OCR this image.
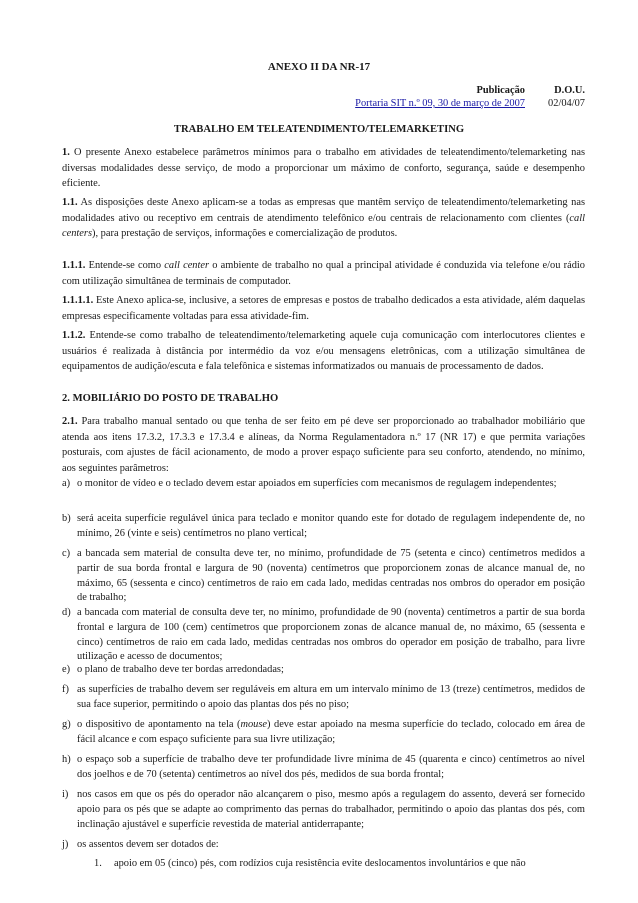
ANEXO II DA NR-17
Publicação	D.O.U.
Portaria SIT n.º 09, 30 de março de 2007	02/04/07
TRABALHO EM TELEATENDIMENTO/TELEMARKETING

1. O presente Anexo estabelece parâmetros mínimos para o trabalho em atividades de teleatendimento/telemarketing nas diversas modalidades desse serviço, de modo a proporcionar um máximo de conforto, segurança, saúde e desempenho eficiente.

1.1. As disposições deste Anexo aplicam-se a todas as empresas que mantêm serviço de teleatendimento/telemarketing nas modalidades ativo ou receptivo em centrais de atendimento telefônico e/ou centrais de relacionamento com clientes (call centers), para prestação de serviços, informações e comercialização de produtos.

1.1.1. Entende-se como call center o ambiente de trabalho no qual a principal atividade é conduzida via telefone e/ou rádio com utilização simultânea de terminais de computador.

1.1.1.1. Este Anexo aplica-se, inclusive, a setores de empresas e postos de trabalho dedicados a esta atividade, além daquelas empresas especificamente voltadas para essa atividade-fim.

1.1.2. Entende-se como trabalho de teleatendimento/telemarketing aquele cuja comunicação com interlocutores clientes e usuários é realizada à distância por intermédio da voz e/ou mensagens eletrônicas, com a utilização simultânea de equipamentos de audição/escuta e fala telefônica e sistemas informatizados ou manuais de processamento de dados.

2. MOBILIÁRIO DO POSTO DE TRABALHO

2.1. Para trabalho manual sentado ou que tenha de ser feito em pé deve ser proporcionado ao trabalhador mobiliário que atenda aos itens 17.3.2, 17.3.3 e 17.3.4 e alíneas, da Norma Regulamentadora n.º 17 (NR 17) e que permita variações posturais, com ajustes de fácil acionamento, de modo a prover espaço suficiente para seu conforto, atendendo, no mínimo, aos seguintes parâmetros:

a) o monitor de vídeo e o teclado devem estar apoiados em superfícies com mecanismos de regulagem independentes;
b) será aceita superfície regulável única para teclado e monitor quando este for dotado de regulagem independente de, no mínimo, 26 (vinte e seis) centímetros no plano vertical;
c) a bancada sem material de consulta deve ter, no mínimo, profundidade de 75 (setenta e cinco) centímetros medidos a partir de sua borda frontal e largura de 90 (noventa) centímetros que proporcionem zonas de alcance manual de, no máximo, 65 (sessenta e cinco) centímetros de raio em cada lado, medidas centradas nos ombros do operador em posição de trabalho;
d) a bancada com material de consulta deve ter, no mínimo, profundidade de 90 (noventa) centímetros a partir de sua borda frontal e largura de 100 (cem) centímetros que proporcionem zonas de alcance manual de, no máximo, 65 (sessenta e cinco) centímetros de raio em cada lado, medidas centradas nos ombros do operador em posição de trabalho, para livre utilização e acesso de documentos;
e) o plano de trabalho deve ter bordas arredondadas;
f) as superfícies de trabalho devem ser reguláveis em altura em um intervalo mínimo de 13 (treze) centímetros, medidos de sua face superior, permitindo o apoio das plantas dos pés no piso;
g) o dispositivo de apontamento na tela (mouse) deve estar apoiado na mesma superfície do teclado, colocado em área de fácil alcance e com espaço suficiente para sua livre utilização;
h) o espaço sob a superfície de trabalho deve ter profundidade livre mínima de 45 (quarenta e cinco) centímetros ao nível dos joelhos e de 70 (setenta) centímetros ao nível dos pés, medidos de sua borda frontal;
i) nos casos em que os pés do operador não alcançarem o piso, mesmo após a regulagem do assento, deverá ser fornecido apoio para os pés que se adapte ao comprimento das pernas do trabalhador, permitindo o apoio das plantas dos pés, com inclinação ajustável e superfície revestida de material antiderrapante;
j) os assentos devem ser dotados de:
1.	apoio em 05 (cinco) pés, com rodízios cuja resistência evite deslocamentos involuntários e que não
